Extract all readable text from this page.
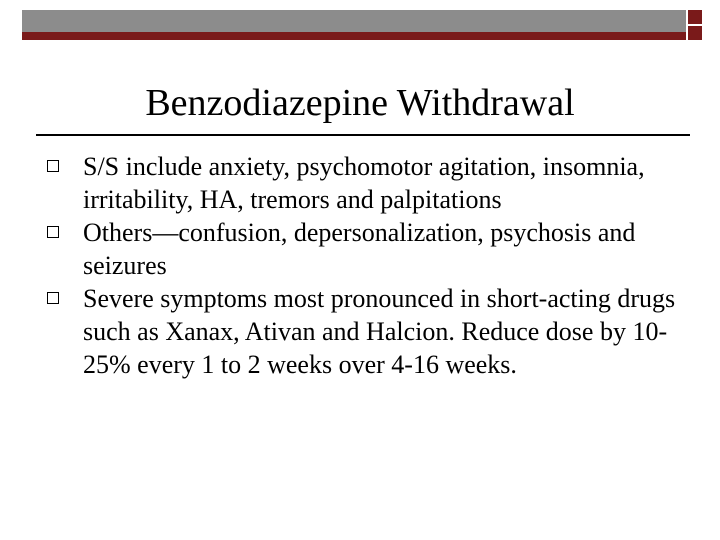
Benzodiazepine Withdrawal
S/S include anxiety, psychomotor agitation, insomnia, irritability, HA, tremors and palpitations
Others—confusion, depersonalization, psychosis and seizures
Severe symptoms most pronounced in short-acting drugs such as Xanax, Ativan and Halcion. Reduce dose by 10-25% every 1 to 2 weeks over 4-16 weeks.
